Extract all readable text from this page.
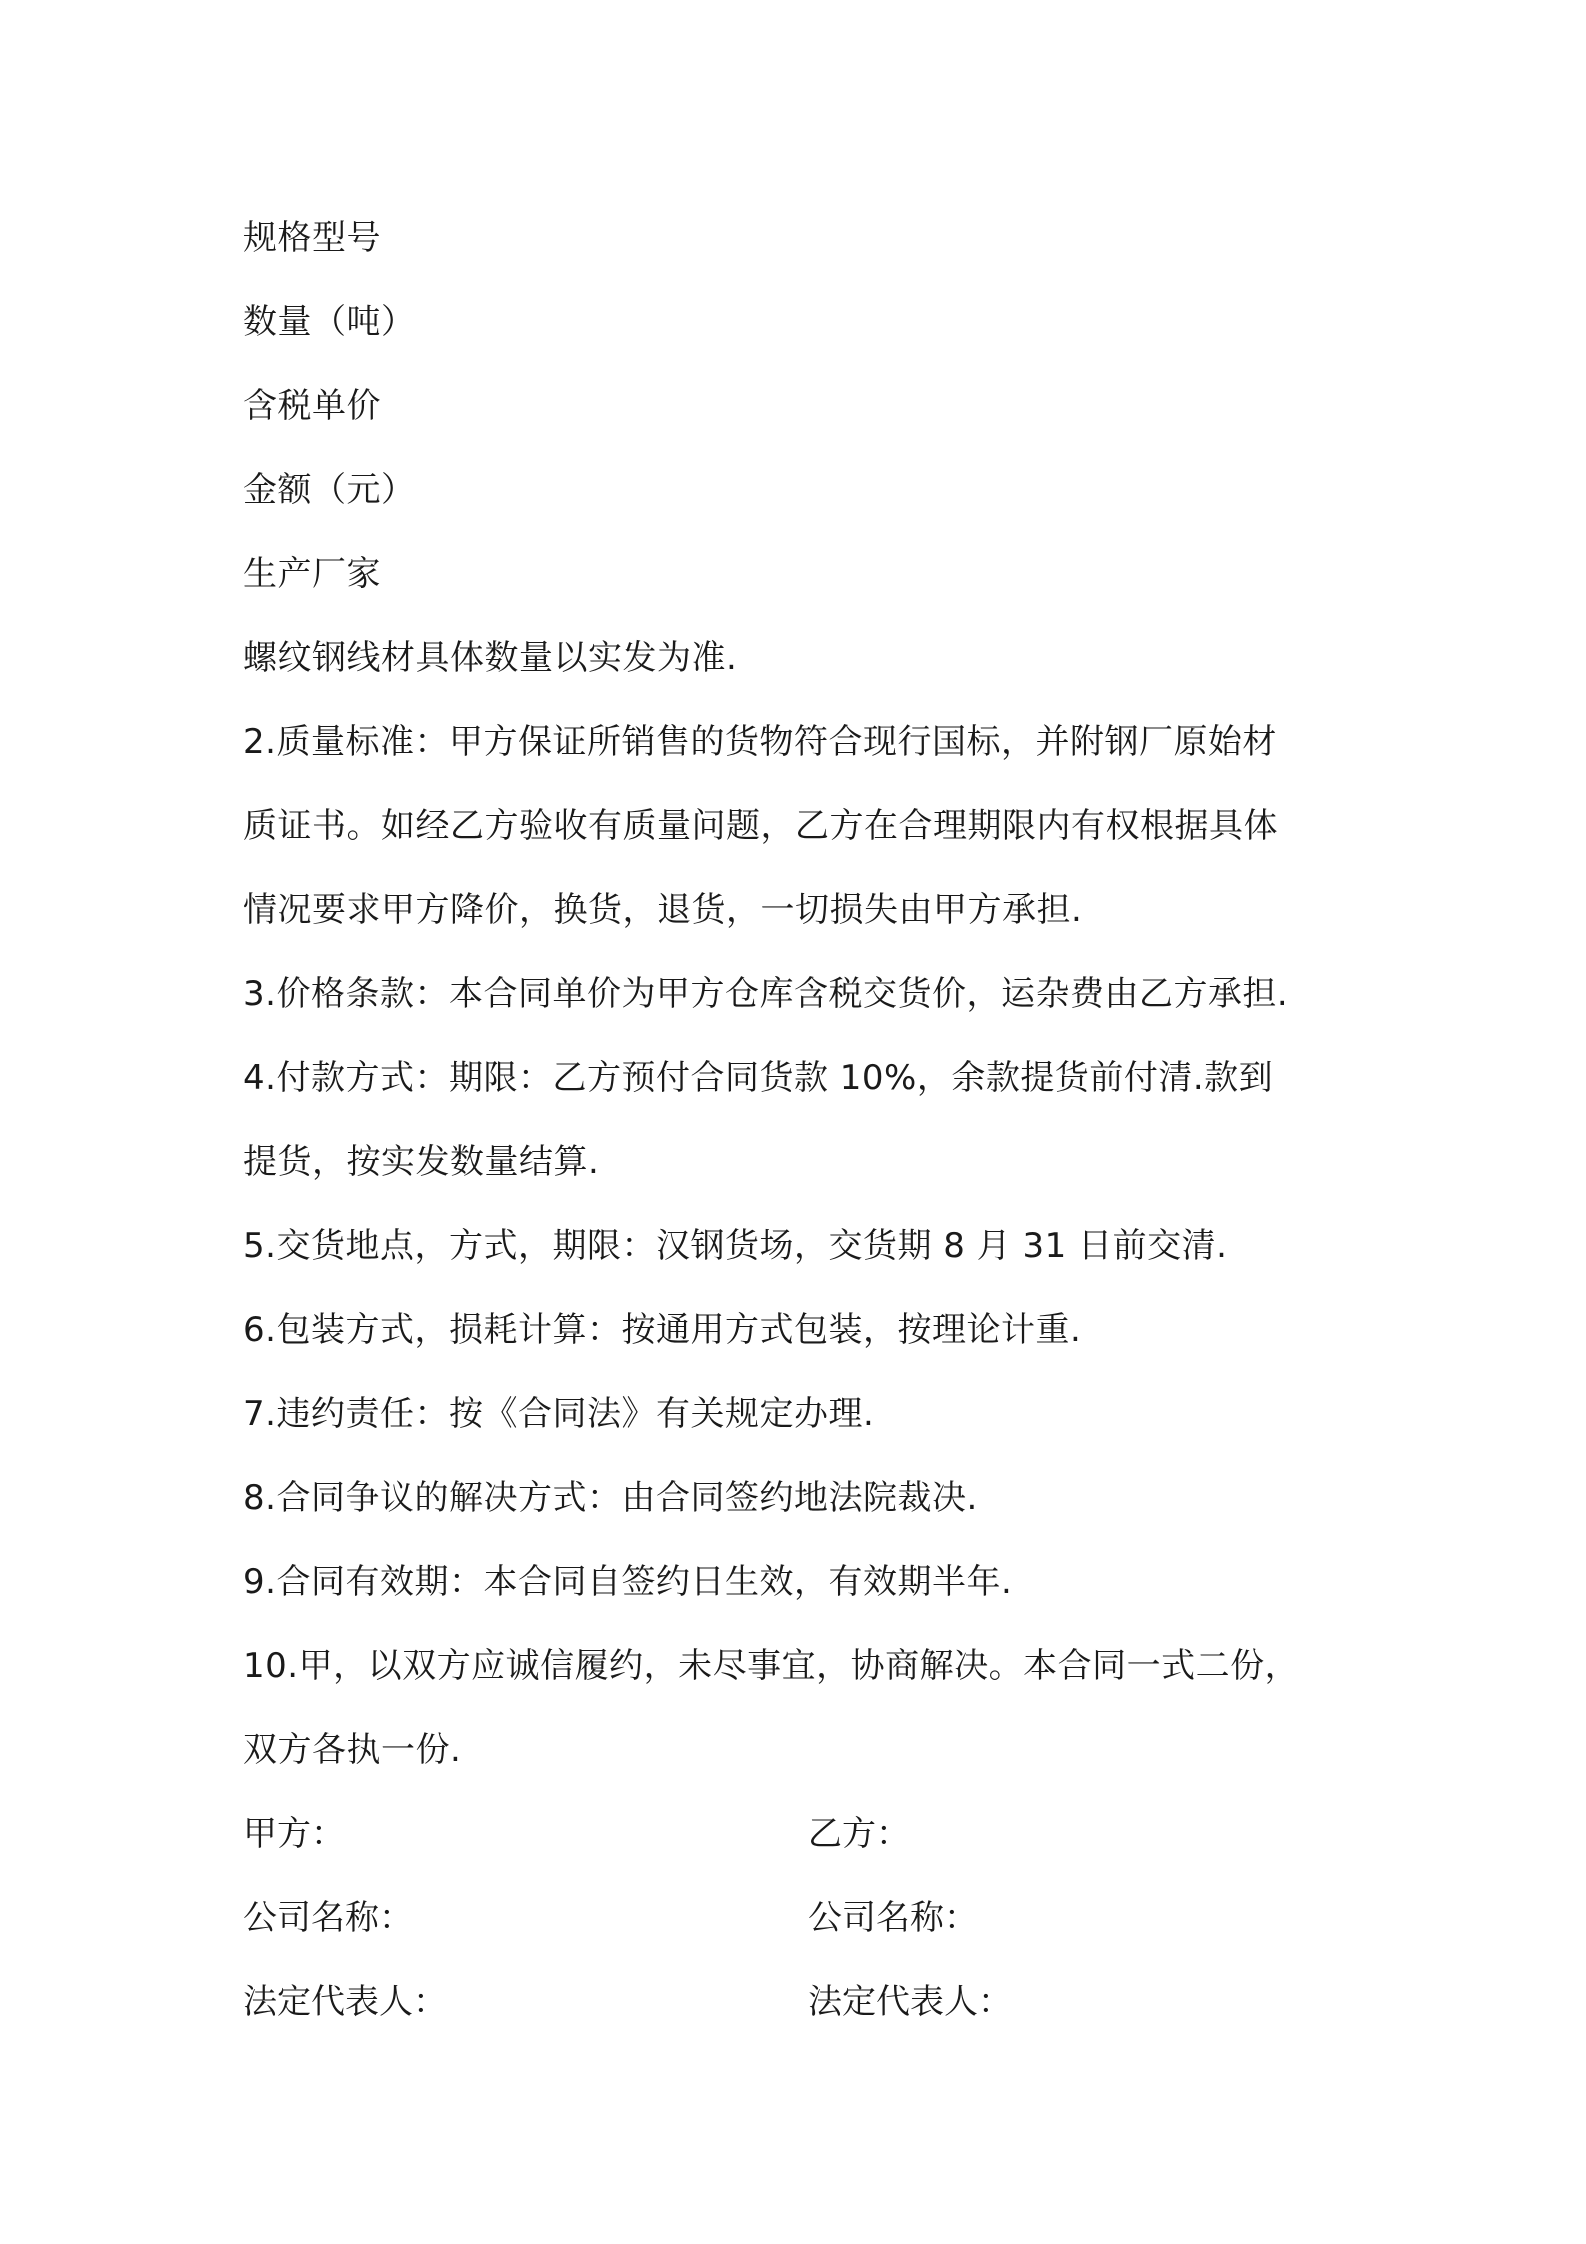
规格型号
数量（吨）
含税单价
金额（元）
生产厂家
螺纹钢线材具体数量以实发为准.
2.质量标准：甲方保证所销售的货物符合现行国标，并附钢厂原始材
质证书。如经乙方验收有质量问题，乙方在合理期限内有权根据具体
情况要求甲方降价，换货，退货，一切损失由甲方承担.
3.价格条款：本合同单价为甲方仓库含税交货价，运杂费由乙方承担.
4.付款方式：期限：乙方预付合同货款 10%，余款提货前付清.款到
提货，按实发数量结算.
5.交货地点，方式，期限：汉钢货场，交货期 8 月 31 日前交清.
6.包装方式，损耗计算：按通用方式包装，按理论计重.
7.违约责任：按《合同法》有关规定办理.
8.合同争议的解决方式：由合同签约地法院裁决.
9.合同有效期：本合同自签约日生效，有效期半年.
10.甲，以双方应诚信履约，未尽事宜，协商解决。本合同一式二份，
双方各执一份.
甲方：	乙方：
公司名称：	公司名称：
法定代表人：	法定代表人：
